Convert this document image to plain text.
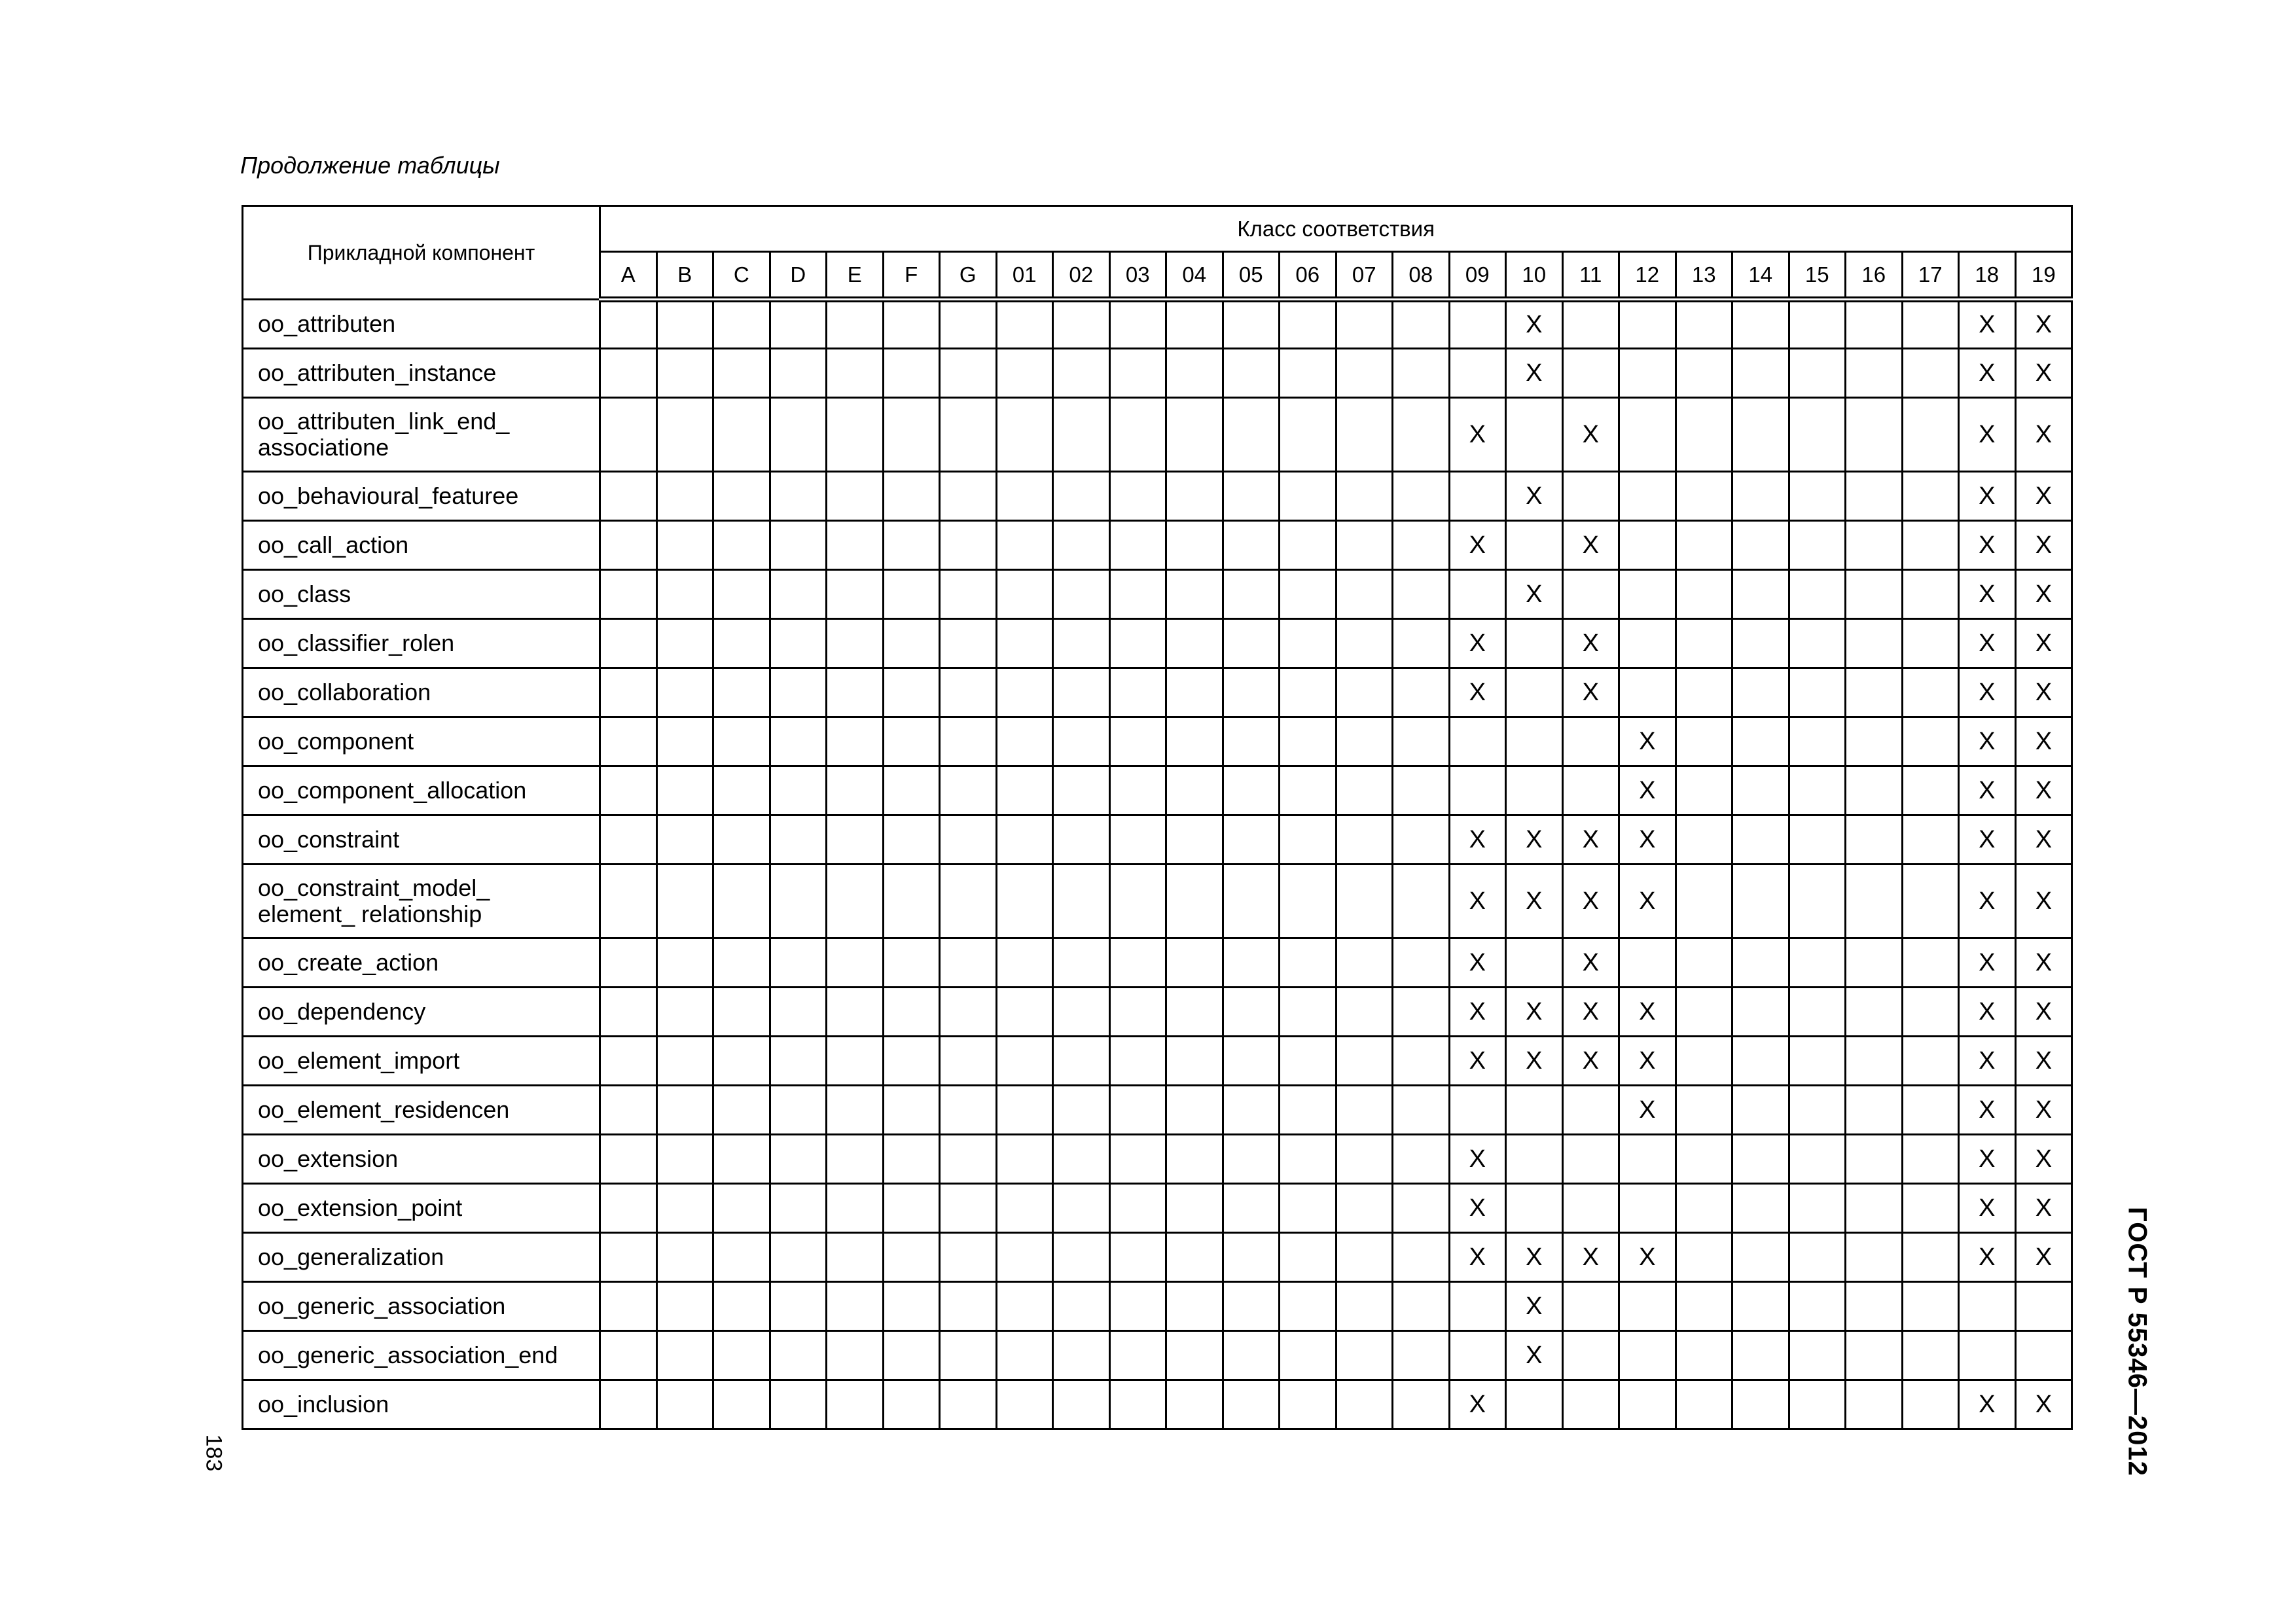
Продолжение таблицы
Прикладной компонент	Класс соответствия																									
	A	B	C	D	E	F	G	01	02	03	04	05	06	07	08	09	10	11	12	13	14	15	16	17	18	19
oo_attributen																	X								X	X
oo_attributen_instance																	X								X	X
oo_attributen_link_end_
associatione																X		X							X	X
oo_behavioural_featuree																	X								X	X
oo_call_action																X		X							X	X
oo_class																	X								X	X
oo_classifier_rolen																X		X							X	X
oo_collaboration																X		X							X	X
oo_component																			X						X	X
oo_component_allocation																			X						X	X
oo_constraint																X	X	X	X						X	X
oo_constraint_model_
element_ relationship																X	X	X	X						X	X
oo_create_action																X		X							X	X
oo_dependency																X	X	X	X						X	X
oo_element_import																X	X	X	X						X	X
oo_element_residencen																			X						X	X
oo_extension																X									X	X
oo_extension_point																X									X	X
oo_generalization																X	X	X	X						X	X
oo_generic_association																	X									
oo_generic_association_end																	X									
oo_inclusion																X									X	X	ГОСТ Р 55346—2012
183
